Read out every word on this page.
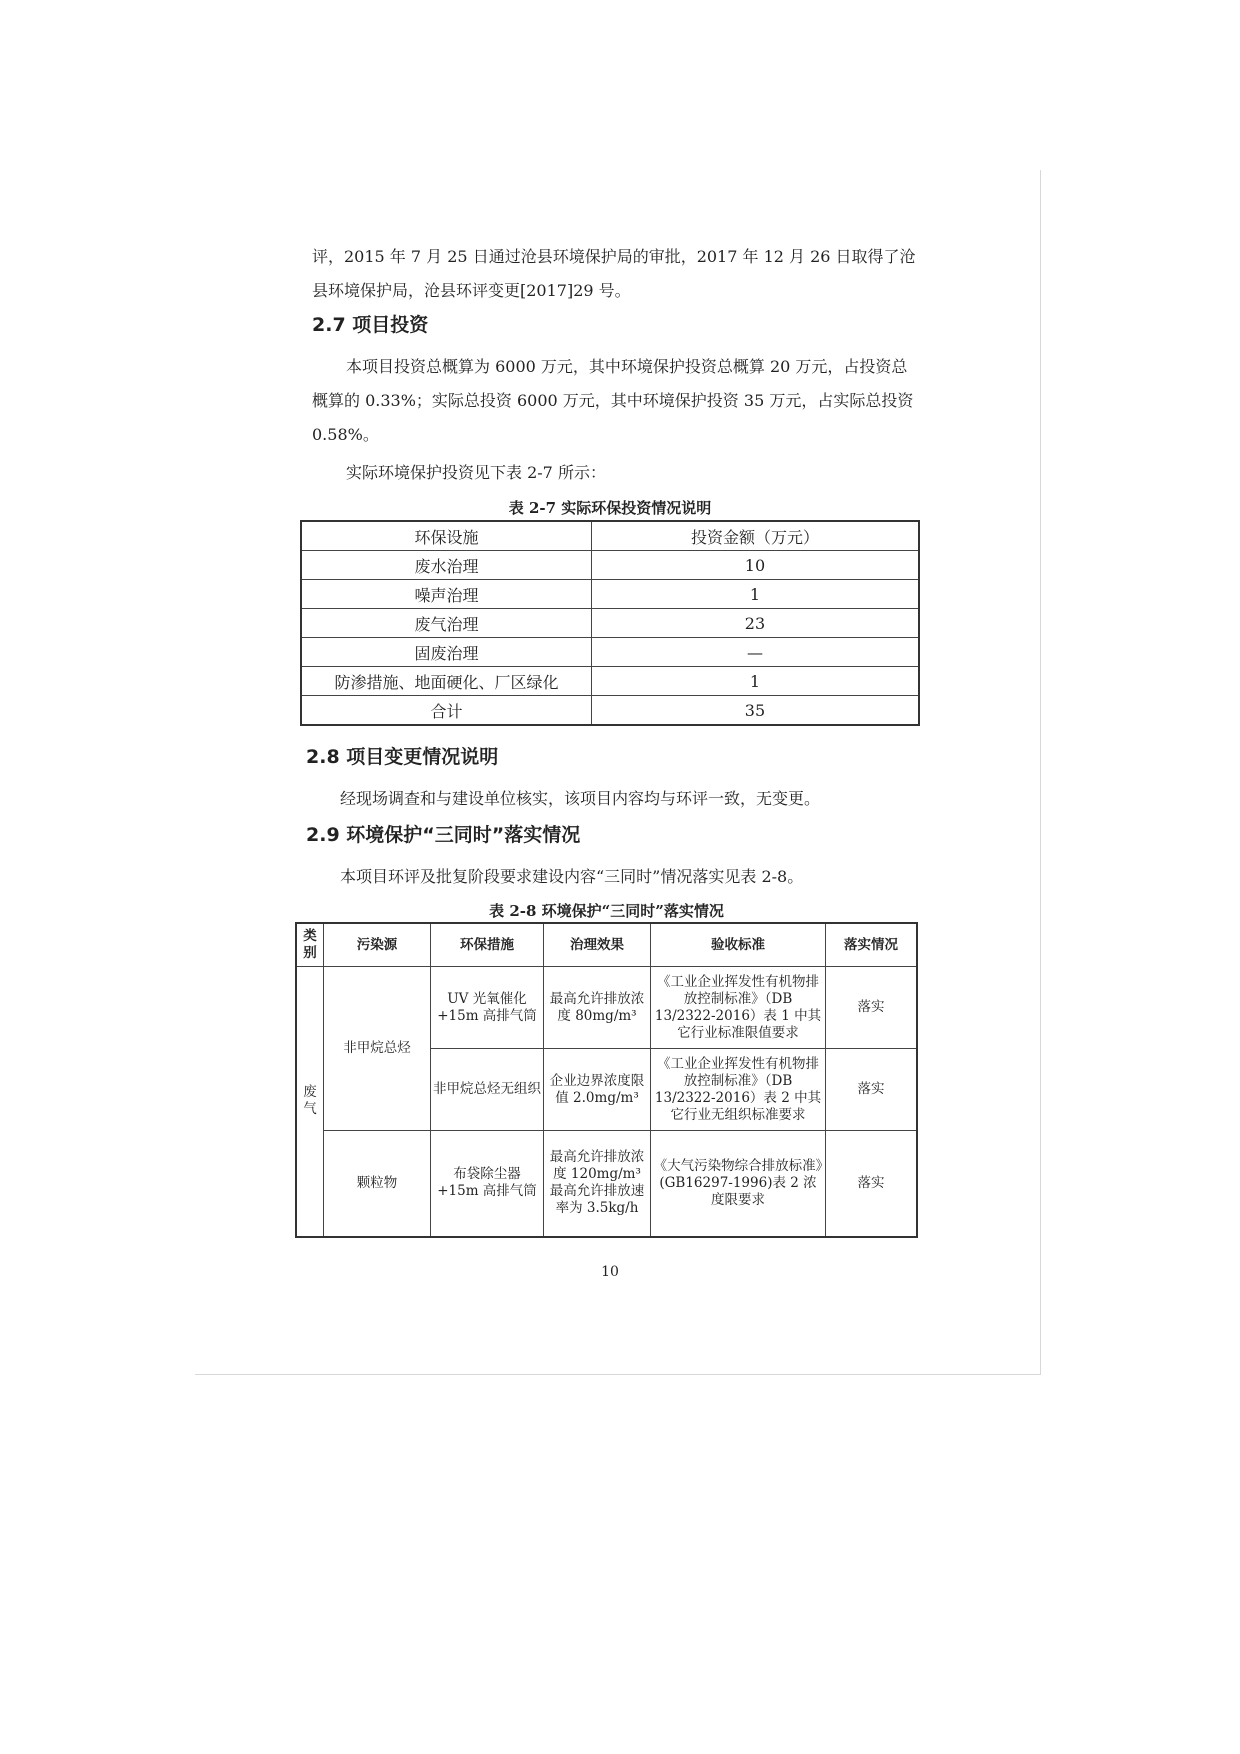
评，2015 年 7 月 25 日通过沧县环境保护局的审批，2017 年 12 月 26 日取得了沧县环境保护局，沧县环评变更[2017]29 号。

2.7 项目投资

本项目投资总概算为 6000 万元，其中环境保护投资总概算 20 万元，占投资总概算的 0.33%；实际总投资 6000 万元，其中环境保护投资 35 万元，占实际总投资 0.58%。

实际环境保护投资见下表 2-7 所示：

表 2-7 实际环保投资情况说明

环保设施	投资金额（万元）
废水治理	10
噪声治理	1
废气治理	23
固废治理	—
防渗措施、地面硬化、厂区绿化	1
合计	35
2.8 项目变更情况说明

经现场调查和与建设单位核实，该项目内容均与环评一致，无变更。

2.9 环境保护“三同时”落实情况

本项目环评及批复阶段要求建设内容“三同时”情况落实见表 2-8。

表 2-8 环境保护“三同时”落实情况

类别	污染源	环保措施	治理效果	验收标准	落实情况
废气	非甲烷总烃	UV 光氧催化+15m 高排气筒	最高允许排放浓度 80mg/m³	《工业企业挥发性有机物排放控制标准》（DB 13/2322-2016）表 1 中其它行业标准限值要求	落实
		非甲烷总烃无组织	企业边界浓度限值 2.0mg/m³	《工业企业挥发性有机物排放控制标准》（DB 13/2322-2016）表 2 中其它行业无组织标准要求	落实
	颗粒物	布袋除尘器+15m 高排气筒	最高允许排放浓度 120mg/m³ 最高允许排放速率为 3.5kg/h	《大气污染物综合排放标准》(GB16297-1996)表 2 浓度限要求	落实
10
